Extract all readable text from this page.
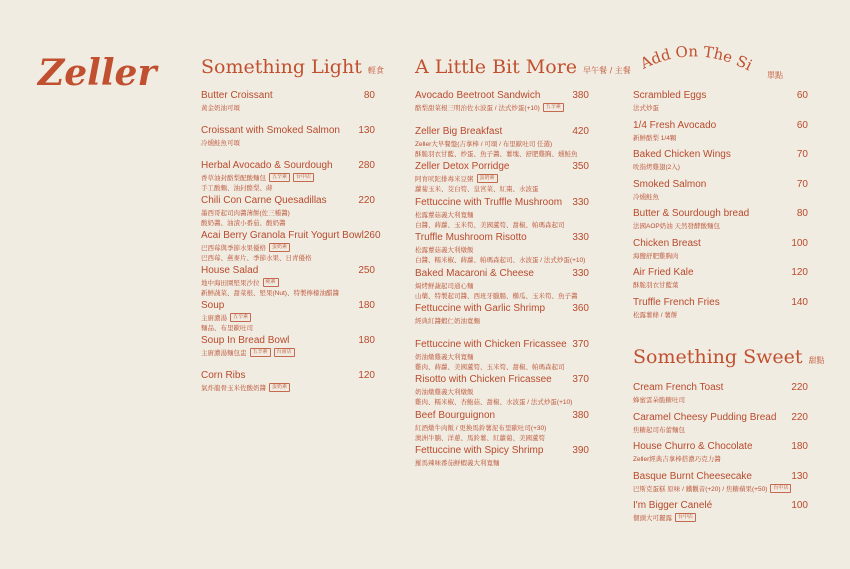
Zeller Something Light 輕食
Butter Croissant	80
黃金奶油可頌
Croissant with Smoked Salmon 130
冷燻鮭魚可頌
Herbal Avocado & Sourdough	280
香草油封酪梨配酸麵包	五辛素	台中店
手工酸麵、油封酪梨、蒔
Chili Con Carne Quesadillas	220
墨西哥起司肉醬薄餅(佐三種醬)
酸奶醬、油漬小番茄、酸奶醬
Acai Berry Granola Fruit Yogurt Bowl 260
巴西莓與季節水果優格	蛋奶素
巴西莓、燕麥片、季節水果、日青優格
House Salad	250
地中海田園堅果沙拉	純素
新鮮蔬菜、甜菜根、堅果(Nut)、特製檸檬油醋醬
Soup	180
主廚濃湯	五辛素
麵品、布里歐吐司
Soup In Bread Bowl	180
主廚濃湯麵包盅	五辛素	台南店
Corn Ribs	120
氣炸龍骨玉米佐酸奶醬	蛋奶素
A Little Bit More 早午餐 / 主餐
Avocado Beetroot Sandwich	380
酪梨甜菜根三明治佐水波蛋 / 法式炒蛋(+10)	五辛素
Zeller Big Breakfast	420
Zeller大早餐盤(吉拿棒 / 可頌 / 布里歐吐司 任選)
酥脆羽衣甘藍、炒蛋、魚子醬、薯塊、舒肥雞胸、燻鮭魚
Zeller Detox Porridge	350
阿育吠陀排毒米豆粥	蛋奶素
蘿蔔玉米、茭白筍、皇宮菜、紅棗、水波蛋
Fettuccine with Truffle Mushroom 330
松露蕈菇義大利寬麵
白醬、蒔蘿、玉米筍、美國蘆筍、甜椒、帕瑪森起司
Truffle Mushroom Risotto	330
松露蕈菇義大利燉飯
白醬、糯米椒、蒔蘿、帕瑪森起司、水波蛋 / 法式炒蛋(+10)
Baked Macaroni & Cheese	330
焗烤鮮蔬起司通心麵
山藥、特製起司醬、西班牙臘腸、櫛瓜、玉米筍、魚子醬
Fettuccine with Garlic Shrimp	360
經典紅醬蝦仁奶油寬麵
Fettuccine with Chicken Fricassee 370
奶油燉雞義大利寬麵
雞肉、蒔蘿、美國蘆筍、玉米筍、甜椒、帕瑪森起司
Risotto with Chicken Fricassee 370
奶油燉雞義大利燉飯
雞肉、糯米椒、杏鮑菇、甜椒、水波蛋 / 法式炒蛋(+10)
Beef Bourguignon	380
紅酒燉牛肉飯 / 更換馬鈴薯泥布里歐吐司(+30)
澳洲牛腩、洋蔥、馬鈴薯、紅蘿蔔、美國蘆筍
Fettuccine with Spicy Shrimp	390
羅馬辣味番茄鮮蝦義大利寬麵
Add On The Side
單點
Scrambled Eggs	60
法式炒蛋
1/4 Fresh Avocado	60
新鮮酪梨 1/4顆
Baked Chicken Wings	70
吮指烤雞翅(2入)
Smoked Salmon	70
冷燻鮭魚
Butter & Sourdough bread	80
法國AOP奶油 天然發酵酸麵包
Chicken Breast	100
海鹽舒肥雞胸肉
Air Fried Kale	120
酥脆羽衣甘藍葉
Truffle French Fries	140
松露薯條 / 薯餅
Something Sweet 甜點
Cream French Toast	220
蜂蜜雲朵脆糖吐司
Caramel Cheesy Pudding Bread 220
焦糖起司布蕾麵包
House Churro & Chocolate	180
Zeller經典吉拿棒搭濃巧克力醬
Basque Burnt Cheesecake	130
巴斯克蛋糕 原味 / 鐵觀音(+20) / 焦糖蘋果(+50)	台中店
I'm Bigger Canelé	100
個頭大可麗露	台中店
